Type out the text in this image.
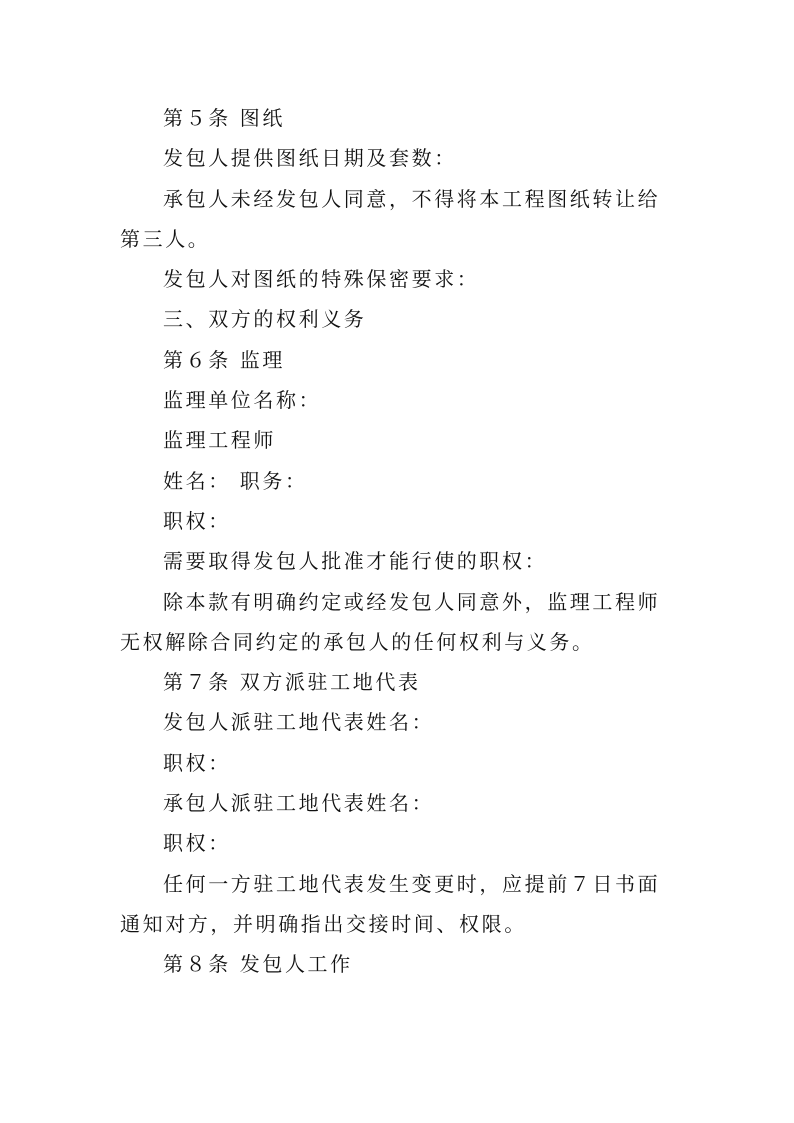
第５条 图纸

发包人提供图纸日期及套数：

承包人未经发包人同意，不得将本工程图纸转让给第三人。

发包人对图纸的特殊保密要求：

三、双方的权利义务

第６条 监理

监理单位名称：

监理工程师

姓名： 职务：

职权：

需要取得发包人批准才能行使的职权：

除本款有明确约定或经发包人同意外，监理工程师无权解除合同约定的承包人的任何权利与义务。

第７条 双方派驻工地代表

发包人派驻工地代表姓名：

职权：

承包人派驻工地代表姓名：

职权：

任何一方驻工地代表发生变更时，应提前７日书面通知对方，并明确指出交接时间、权限。

第８条 发包人工作
